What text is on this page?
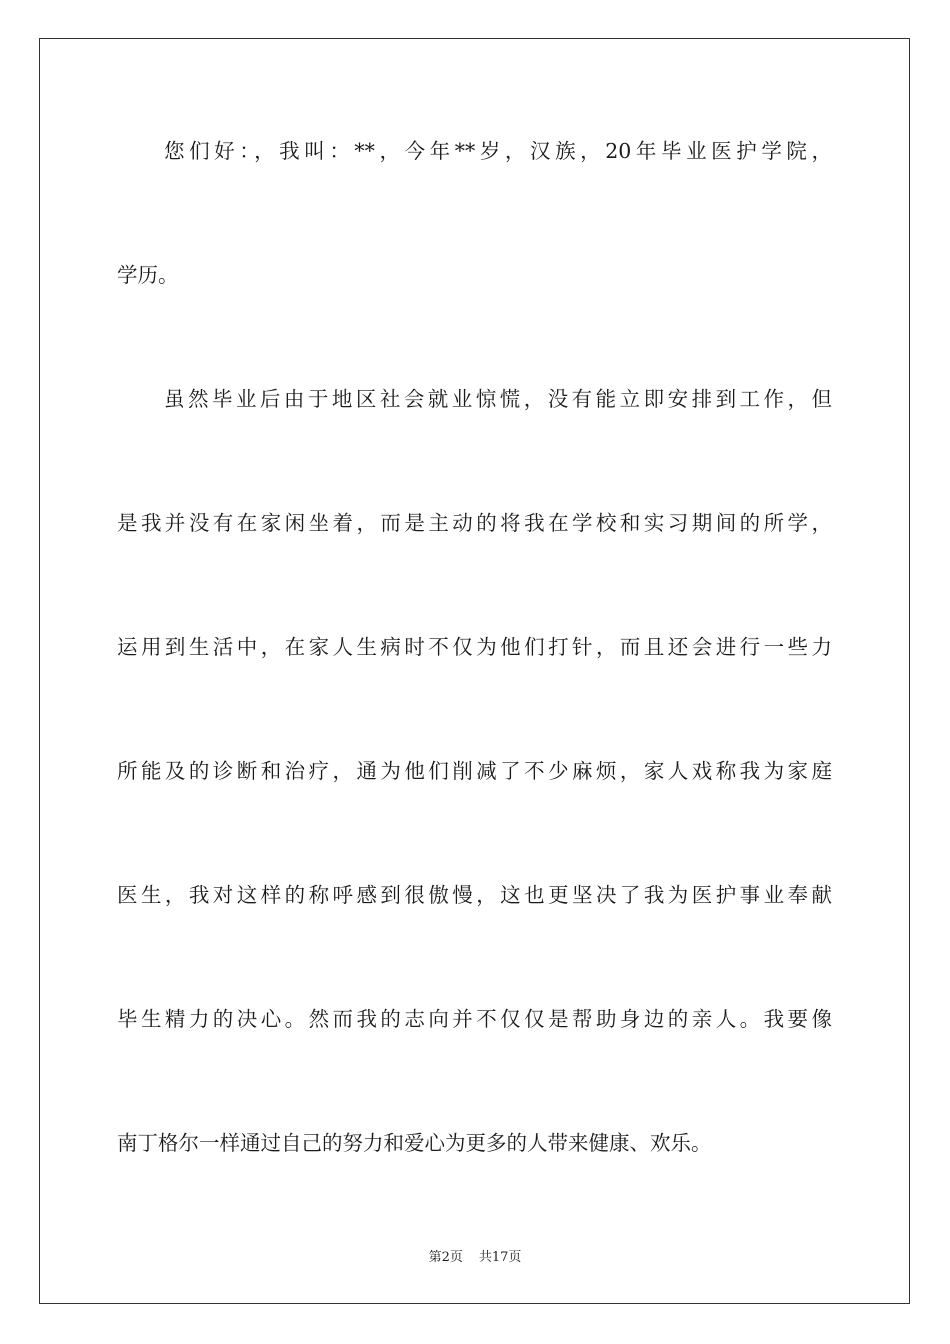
您们好：，我叫：**，今年**岁，汉族，20年毕业医护学院，
学历。
虽然毕业后由于地区社会就业惊慌，没有能立即安排到工作，但
是我并没有在家闲坐着，而是主动的将我在学校和实习期间的所学，
运用到生活中，在家人生病时不仅为他们打针，而且还会进行一些力
所能及的诊断和治疗，通为他们削减了不少麻烦，家人戏称我为家庭
医生，我对这样的称呼感到很傲慢，这也更坚决了我为医护事业奉献
毕生精力的决心。然而我的志向并不仅仅是帮助身边的亲人。我要像
南丁格尔一样通过自己的努力和爱心为更多的人带来健康、欢乐。
第2页 共17页
